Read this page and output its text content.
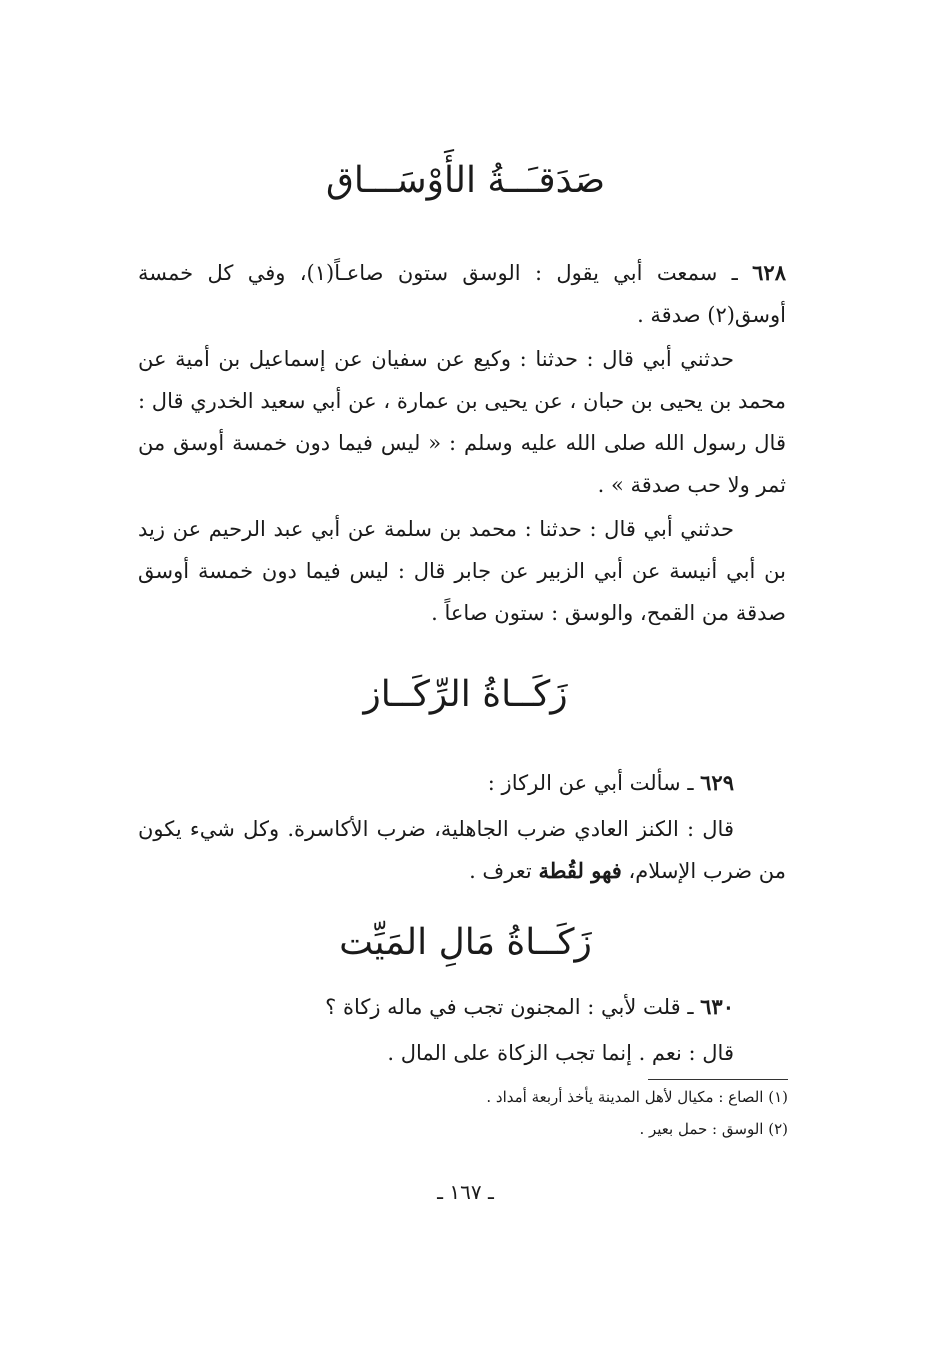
صَدَقـَــةُ الأَوْسَـــاق
٦٢٨ ـ سمعت أبي يقول : الوسق ستون صاعـاً(١)، وفي كل خمسة أوسق(٢) صدقة .
حدثني أبي قال : حدثنا : وكيع عن سفيان عن إسماعيل بن أمية عن محمد بن يحيى بن حبان ، عن يحيى بن عمارة ، عن أبي سعيد الخدري قال : قال رسول الله صلى الله عليه وسلم : « ليس فيما دون خمسة أوسق من ثمر ولا حب صدقة » .
حدثني أبي قال : حدثنا : محمد بن سلمة عن أبي عبد الرحيم عن زيد بن أبي أنيسة عن أبي الزبير عن جابر قال : ليس فيما دون خمسة أوسق صدقة من القمح، والوسق : ستون صاعاً .
زَكَــاةُ الرِّكَــاز
٦٢٩ ـ سألت أبي عن الركاز :
قال : الكنز العادي ضرب الجاهلية، ضرب الأكاسرة. وكل شيء يكون من ضرب الإسلام، فهو لقُطة تعرف .
زَكَــاةُ مَالِ المَيِّت
٦٣٠ ـ قلت لأبي : المجنون تجب في ماله زكاة ؟
قال : نعم . إنما تجب الزكاة على المال .
(١) الصاع : مكيال لأهل المدينة يأخذ أربعة أمداد .
(٢) الوسق : حمل بعير .
ـ ١٦٧ ـ
